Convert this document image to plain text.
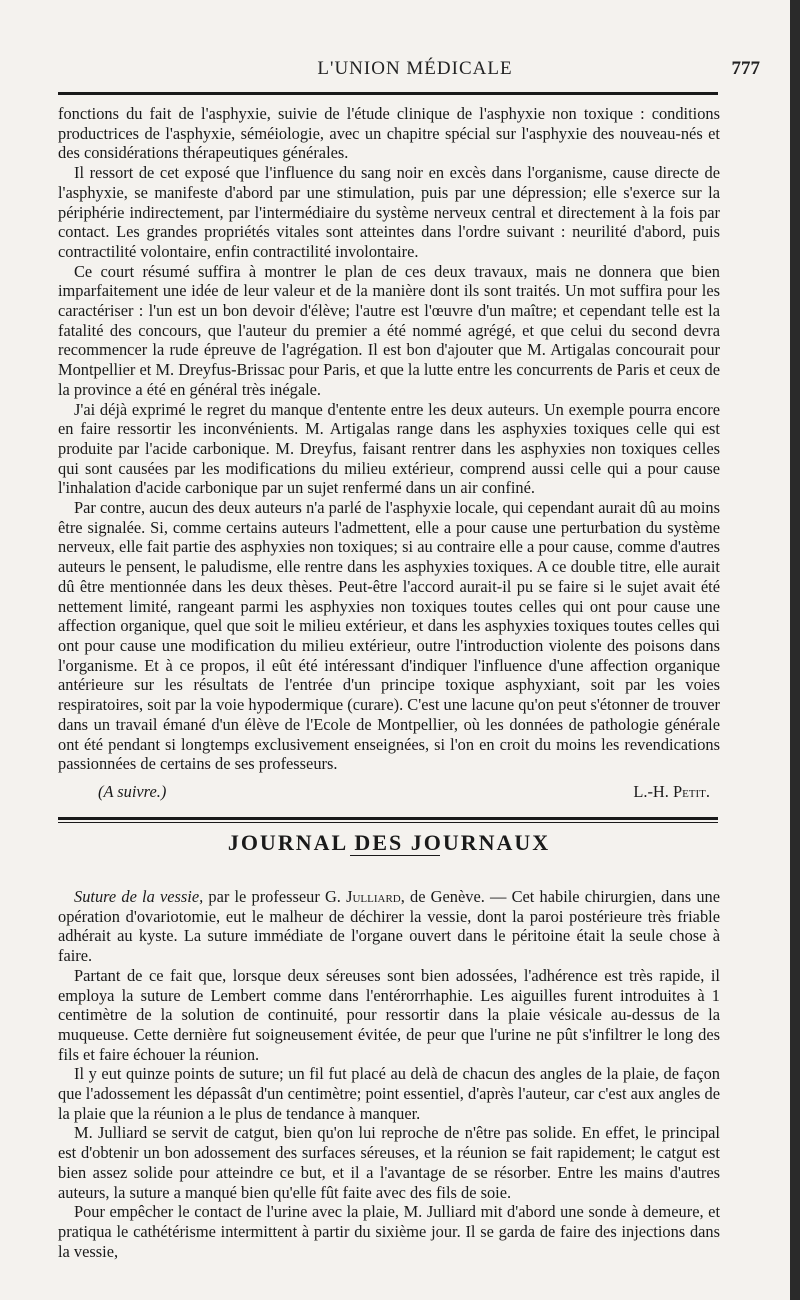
L'UNION MÉDICALE	777

fonctions du fait de l'asphyxie, suivie de l'étude clinique de l'asphyxie non toxique : conditions productrices de l'asphyxie, séméiologie, avec un chapitre spécial sur l'asphyxie des nouveau-nés et des considérations thérapeutiques générales.

Il ressort de cet exposé que l'influence du sang noir en excès dans l'organisme, cause directe de l'asphyxie, se manifeste d'abord par une stimulation, puis par une dépression; elle s'exerce sur la périphérie indirectement, par l'intermédiaire du système nerveux central et directement à la fois par contact. Les grandes propriétés vitales sont atteintes dans l'ordre suivant : neurilité d'abord, puis contractilité volontaire, enfin contractilité involontaire.

Ce court résumé suffira à montrer le plan de ces deux travaux, mais ne donnera que bien imparfaitement une idée de leur valeur et de la manière dont ils sont traités. Un mot suffira pour les caractériser : l'un est un bon devoir d'élève; l'autre est l'œuvre d'un maître; et cependant telle est la fatalité des concours, que l'auteur du premier a été nommé agrégé, et que celui du second devra recommencer la rude épreuve de l'agrégation. Il est bon d'ajouter que M. Artigalas concourait pour Montpellier et M. Dreyfus-Brissac pour Paris, et que la lutte entre les concurrents de Paris et ceux de la province a été en général très inégale.

J'ai déjà exprimé le regret du manque d'entente entre les deux auteurs. Un exemple pourra encore en faire ressortir les inconvénients. M. Artigalas range dans les asphyxies toxiques celle qui est produite par l'acide carbonique. M. Dreyfus, faisant rentrer dans les asphyxies non toxiques celles qui sont causées par les modifications du milieu extérieur, comprend aussi celle qui a pour cause l'inhalation d'acide carbonique par un sujet renfermé dans un air confiné.

Par contre, aucun des deux auteurs n'a parlé de l'asphyxie locale, qui cependant aurait dû au moins être signalée. Si, comme certains auteurs l'admettent, elle a pour cause une perturbation du système nerveux, elle fait partie des asphyxies non toxiques; si au contraire elle a pour cause, comme d'autres auteurs le pensent, le paludisme, elle rentre dans les asphyxies toxiques. A ce double titre, elle aurait dû être mentionnée dans les deux thèses. Peut-être l'accord aurait-il pu se faire si le sujet avait été nettement limité, rangeant parmi les asphyxies non toxiques toutes celles qui ont pour cause une affection organique, quel que soit le milieu extérieur, et dans les asphyxies toxiques toutes celles qui ont pour cause une modification du milieu extérieur, outre l'introduction violente des poisons dans l'organisme. Et à ce propos, il eût été intéressant d'indiquer l'influence d'une affection organique antérieure sur les résultats de l'entrée d'un principe toxique asphyxiant, soit par les voies respiratoires, soit par la voie hypodermique (curare). C'est une lacune qu'on peut s'étonner de trouver dans un travail émané d'un élève de l'Ecole de Montpellier, où les données de pathologie générale ont été pendant si longtemps exclusivement enseignées, si l'on en croit du moins les revendications passionnées de certains de ses professeurs.

(A suivre.)	L.-H. Petit.
JOURNAL DES JOURNAUX

Suture de la vessie, par le professeur G. Julliard, de Genève. — Cet habile chirurgien, dans une opération d'ovariotomie, eut le malheur de déchirer la vessie, dont la paroi postérieure très friable adhérait au kyste. La suture immédiate de l'organe ouvert dans le péritoine était la seule chose à faire.

Partant de ce fait que, lorsque deux séreuses sont bien adossées, l'adhérence est très rapide, il employa la suture de Lembert comme dans l'entérorrhaphie. Les aiguilles furent introduites à 1 centimètre de la solution de continuité, pour ressortir dans la plaie vésicale au-dessus de la muqueuse. Cette dernière fut soigneusement évitée, de peur que l'urine ne pût s'infiltrer le long des fils et faire échouer la réunion.

Il y eut quinze points de suture; un fil fut placé au delà de chacun des angles de la plaie, de façon que l'adossement les dépassât d'un centimètre; point essentiel, d'après l'auteur, car c'est aux angles de la plaie que la réunion a le plus de tendance à manquer.

M. Julliard se servit de catgut, bien qu'on lui reproche de n'être pas solide. En effet, le principal est d'obtenir un bon adossement des surfaces séreuses, et la réunion se fait rapidement; le catgut est bien assez solide pour atteindre ce but, et il a l'avantage de se résorber. Entre les mains d'autres auteurs, la suture a manqué bien qu'elle fût faite avec des fils de soie.

Pour empêcher le contact de l'urine avec la plaie, M. Julliard mit d'abord une sonde à demeure, et pratiqua le cathétérisme intermittent à partir du sixième jour. Il se garda de faire des injections dans la vessie,
